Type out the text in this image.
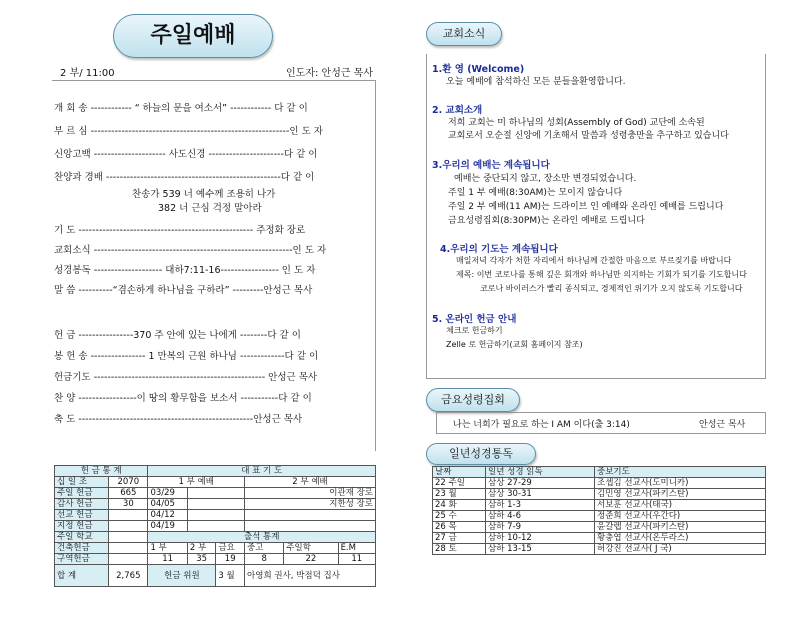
주일예배
2 부/ 11:00	인도자: 안성근 목사
개 회 송 ------------ “ 하늘의 문을 여소서” ------------ 다 같 이
부 르 심 ----------------------------------------------------------인 도 자
신앙고백 --------------------- 사도신경 ----------------------다 같 이
찬양과 경배 ---------------------------------------------------다 같 이
찬송가 539 너 예수께 조용히 나가
382 너 근심 걱정 말아라
기 도 --------------------------------------------------- 주정화 장로
교회소식 ----------------------------------------------------------인 도 자
성경봉독 -------------------- 대하7:11-16----------------- 인 도 자
말 씀 ----------“겸손하게 하나님을 구하라” ---------안성근 목사
헌 금 ----------------370 주 안에 있는 나에게 --------다 같 이
봉 헌 송 ---------------- 1 만복의 근원 하나님 -------------다 같 이
헌금기도 -------------------------------------------------- 안성근 목사
찬 양 -----------------이 땅의 황무함을 보소서 -----------다 같 이
축 도 ---------------------------------------------------안성근 목사
헌 금 통 계		대 표 기 도					
십 일 조	2070	1 부 예배			2 부 예배		
주일 헌금	665	03/29			이관재 장로		
감사 헌금	30	04/05			지한성 장로		
선교 헌금		04/12					
지정 헌금		04/19					
주일 학교		출석 통계					
건축헌금		1 부	2 부	금요	중고	주일학	E.M
구역헌금		11	35	19	8	22	11
합 계	2,765	헌금 위원		3 월	아영희 권사, 박점덕 집사		
교회소식
1.환 영 (Welcome)
오늘 예배에 참석하신 모든 분들을환영합니다.
2. 교회소개
저희 교회는 미 하나님의 성회(Assembly of God) 교단에 소속된
교회로서 오순절 신앙에 기초해서 말씀과 성령충만을 추구하고 있습니다
3.우리의 예배는 계속됩니다
예배는 중단되지 않고, 장소만 변경되었습니다.
주일 1 부 예배(8:30AM)는 모이지 않습니다
주일 2 부 예배(11 AM)는 드라이브 인 예배와 온라인 예배를 드립니다
금요성령집회(8:30PM)는 온라인 예배로 드립니다
4.우리의 기도는 계속됩니다
매일저녁 각자가 처한 자리에서 하나님께 간절한 마음으로 부르짖기를 바랍니다
제목: 이번 코로나를 통해 깊은 회개와 하나님만 의지하는 기회가 되기를 기도합니다
코로나 바이러스가 빨리 종식되고, 경제적인 위기가 오지 않도록 기도합니다
5. 온라인 헌금 안내
체크로 헌금하기
Zelle 로 헌금하기(교회 홈페이지 참조)
금요성령집회
나는 너희가 필요로 하는 I AM 이다(출 3:14)	안성근 목사
일년성경통독
날짜	일년 성경 읽독	중보기도
22 주일	삼상 27-29	조셉김 선교사(도미니카)
23 월	삼상 30-31	김민영 선교사(파키스탄)
24 화	삼하 1-3	서보훈 선교사(태국)
25 수	삼하 4-6	정준희 선교사(우간다)
26 목	삼하 7-9	윤갈렙 선교사(파키스탄)
27 금	삼하 10-12	황충엽 선교사(온두라스)
28 토	삼하 13-15	허강진 선교사( J 국)
